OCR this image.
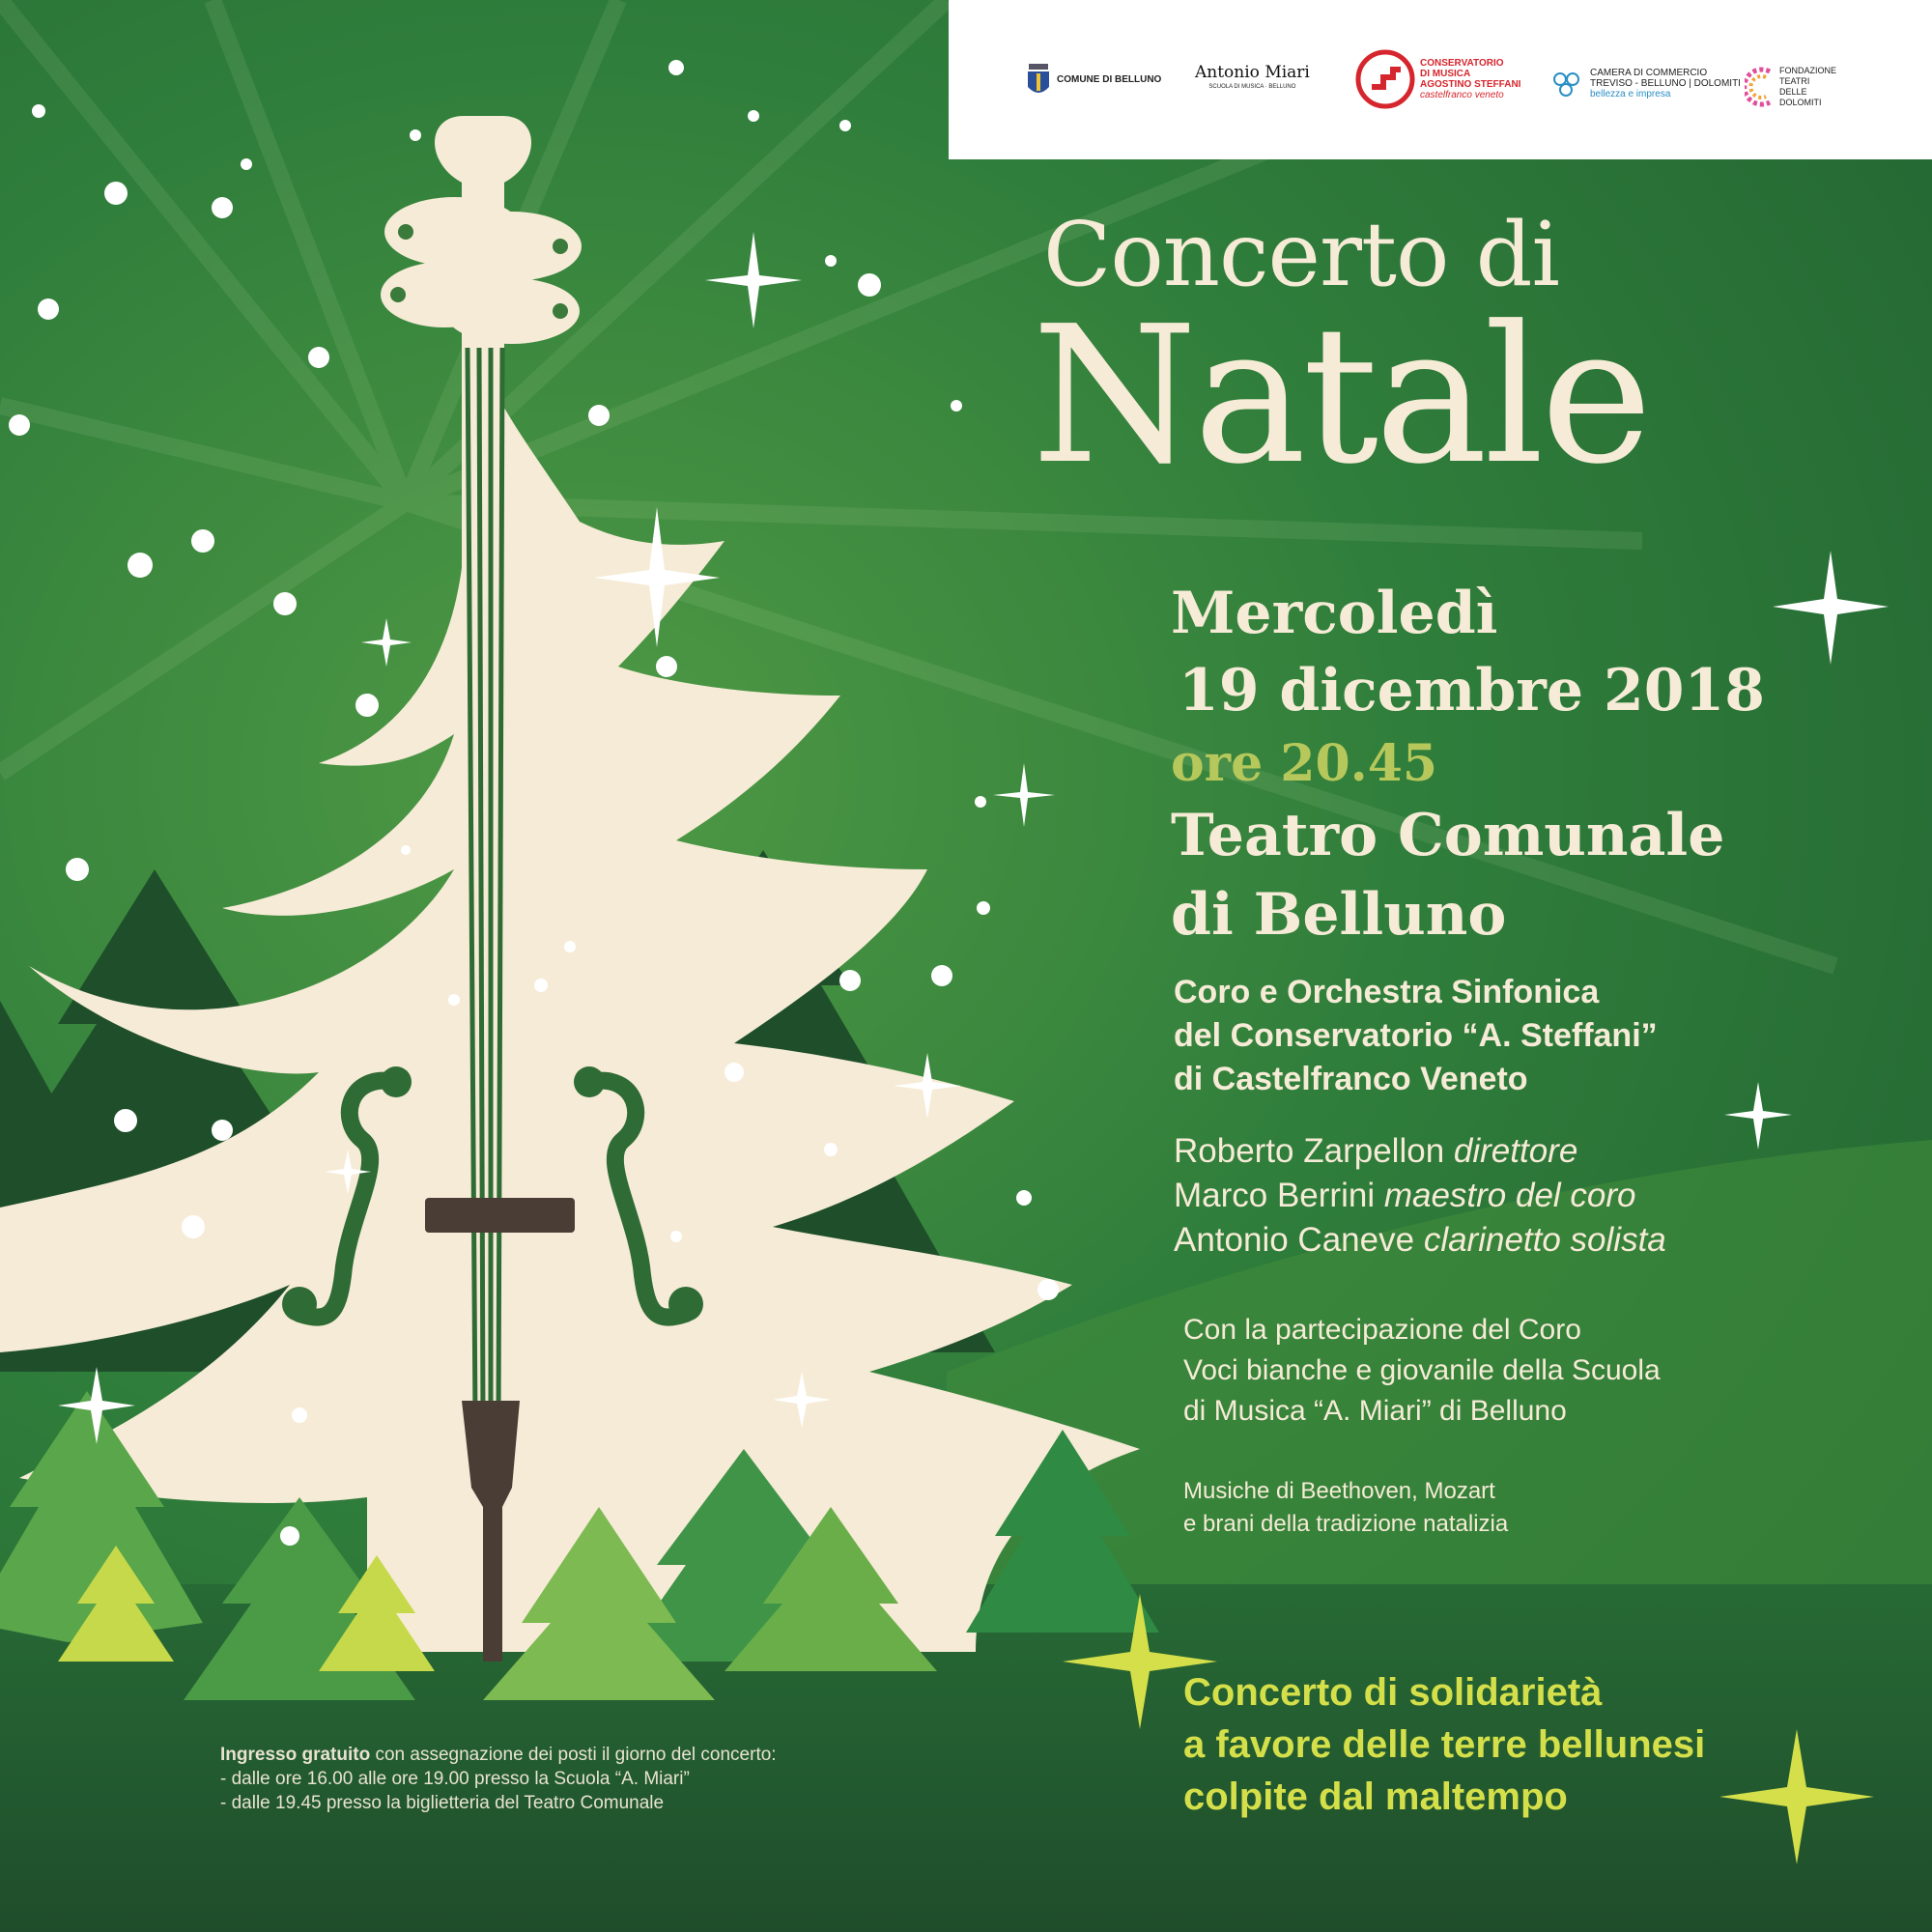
COMUNE DI BELLUNO Antonio Miari
SCUOLA DI MUSICA · BELLUNO
CONSERVATORIO
DI MUSICA
AGOSTINO STEFFANI
castelfranco veneto
CAMERA DI COMMERCIO
TREVISO - BELLUNO | DOLOMITI
bellezza e impresa
FONDAZIONE
TEATRI
DELLE
DOLOMITI
Concerto di
Natale
Mercoledì
19 dicembre 2018
ore 20.45
Teatro Comunale
di Belluno
Coro e Orchestra Sinfonica
del Conservatorio “A. Steffani”
di Castelfranco Veneto
Roberto Zarpellon direttore
Marco Berrini maestro del coro
Antonio Caneve clarinetto solista
Con la partecipazione del Coro
Voci bianche e giovanile della Scuola
di Musica “A. Miari” di Belluno
Musiche di Beethoven, Mozart
e brani della tradizione natalizia
Concerto di solidarietà
a favore delle terre bellunesi
colpite dal maltempo
Ingresso gratuito con assegnazione dei posti il giorno del concerto:
- dalle ore 16.00 alle ore 19.00 presso la Scuola “A. Miari”
- dalle 19.45 presso la biglietteria del Teatro Comunale
